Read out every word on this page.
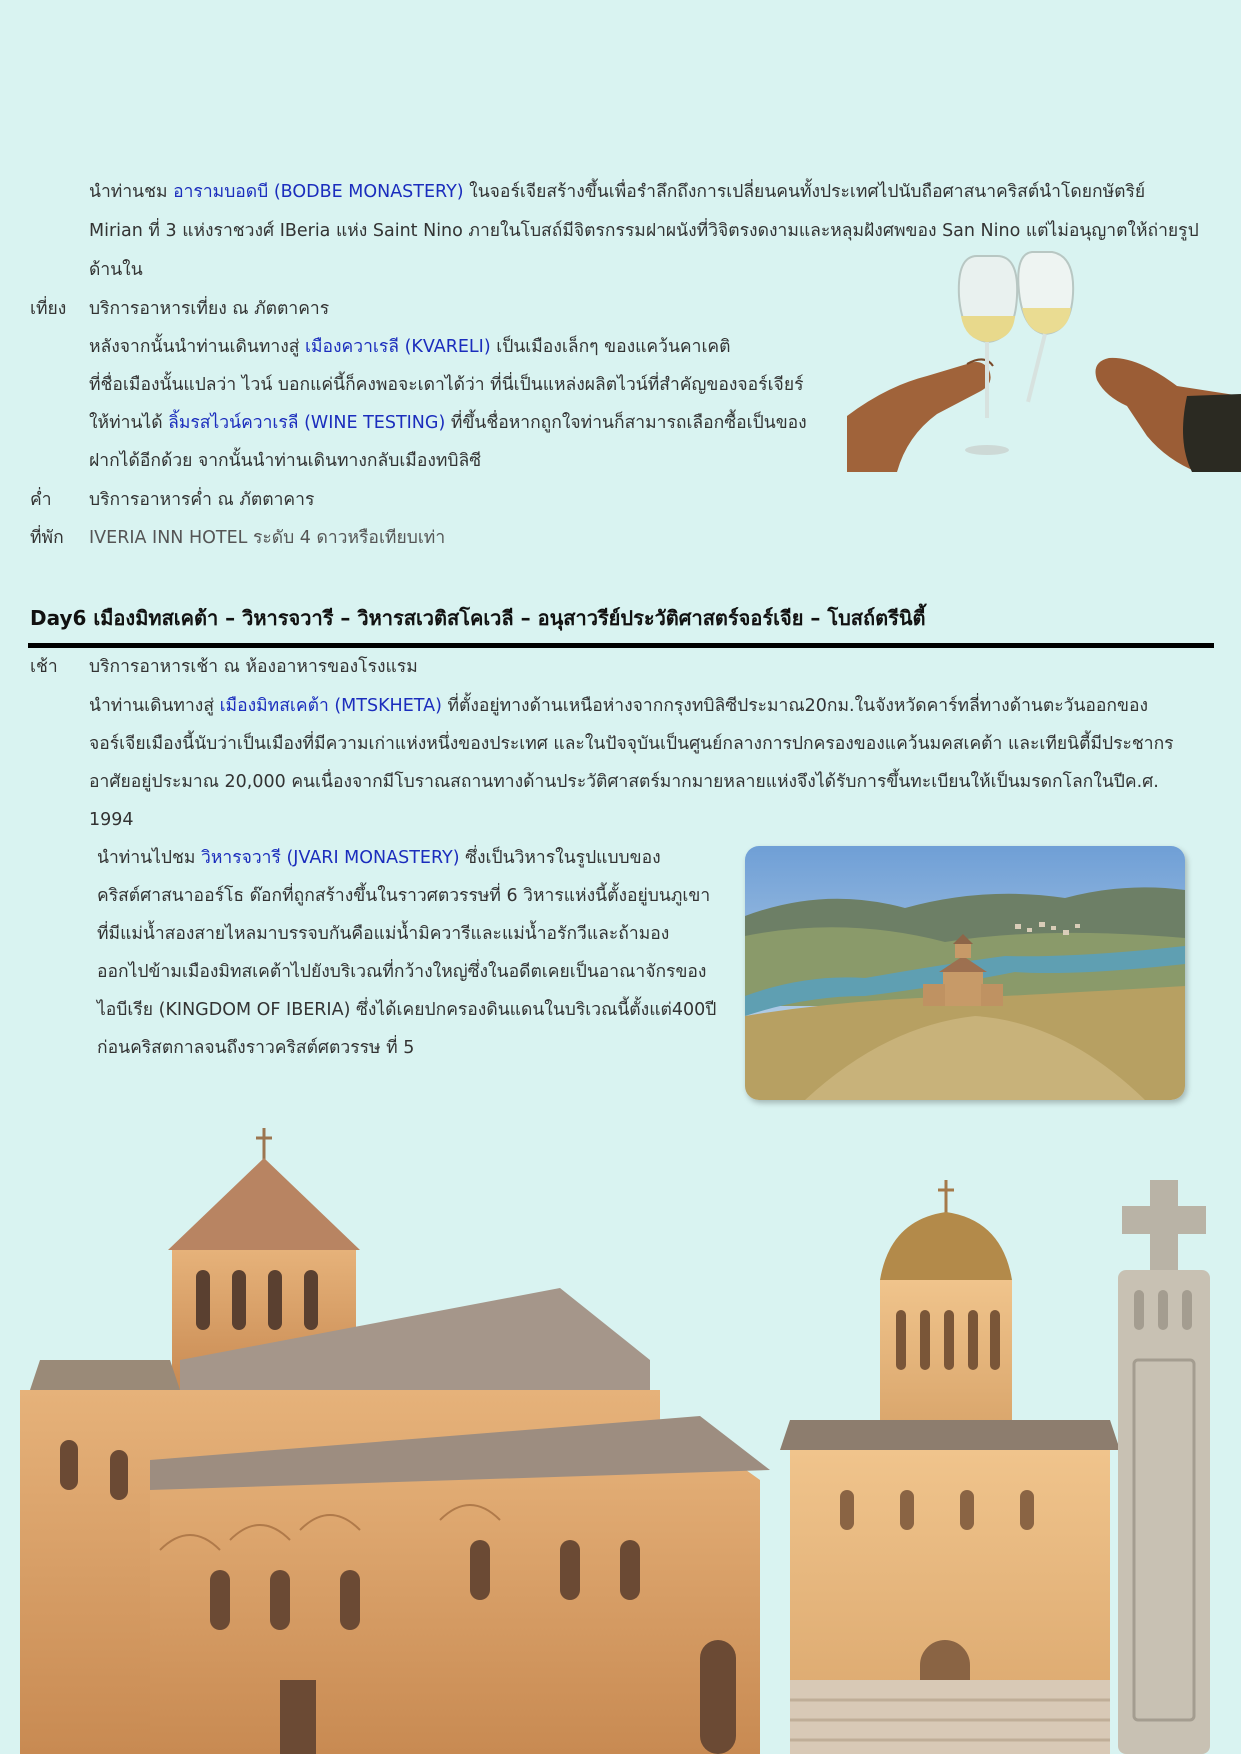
นำท่านชม อารามบอดบี (BODBE MONASTERY) ในจอร์เจียสร้างขึ้นเพื่อรำลึกถึงการเปลี่ยนคนทั้งประเทศไปนับถือศาสนาคริสต์นำโดยกษัตริย์
Mirian ที่ 3 แห่งราชวงศ์ IBeria แห่ง Saint Nino ภายในโบสถ์มีจิตรกรรมฝาผนังที่วิจิตรงดงามและหลุมฝังศพของ San Nino แต่ไม่อนุญาตให้ถ่ายรูป
ด้านใน
เที่ยง บริการอาหารเที่ยง ณ ภัตตาคาร
หลังจากนั้นนำท่านเดินทางสู่ เมืองควาเรลี (KVARELI) เป็นเมืองเล็กๆ ของแคว้นคาเคติ
ที่ชื่อเมืองนั้นแปลว่า ไวน์ บอกแค่นี้ก็คงพอจะเดาได้ว่า ที่นี่เป็นแหล่งผลิตไวน์ที่สำคัญของจอร์เจียร์
ให้ท่านได้ ลิ้มรสไวน์ควาเรลี (WINE TESTING) ที่ขึ้นชื่อหากถูกใจท่านก็สามารถเลือกซื้อเป็นของ
ฝากได้อีกด้วย จากนั้นนำท่านเดินทางกลับเมืองทบิลิซี
ค่ำ บริการอาหารค่ำ ณ ภัตตาคาร
ที่พัก IVERIA INN HOTEL ระดับ 4 ดาวหรือเทียบเท่า
Day6 เมืองมิทสเคต้า – วิหารจวารี – วิหารสเวติสโคเวลี – อนุสาวรีย์ประวัติศาสตร์จอร์เจีย – โบสถ์ตรีนิตี้
เช้า บริการอาหารเช้า ณ ห้องอาหารของโรงแรม
นำท่านเดินทางสู่ เมืองมิทสเคต้า (MTSKHETA) ที่ตั้งอยู่ทางด้านเหนือห่างจากกรุงทบิลิซีประมาณ20กม.ในจังหวัดคาร์ทลี่ทางด้านตะวันออกของ
จอร์เจียเมืองนี้นับว่าเป็นเมืองที่มีความเก่าแห่งหนึ่งของประเทศ และในปัจจุบันเป็นศูนย์กลางการปกครองของแคว้นมคสเคต้า และเทียนิตี้มีประชากร
อาศัยอยู่ประมาณ 20,000 คนเนื่องจากมีโบราณสถานทางด้านประวัติศาสตร์มากมายหลายแห่งจึงได้รับการขึ้นทะเบียนให้เป็นมรดกโลกในปีค.ศ.
1994
นำท่านไปชม วิหารจวารี (JVARI MONASTERY) ซึ่งเป็นวิหารในรูปแบบของ
คริสต์ศาสนาออร์โธ ด๊อกที่ถูกสร้างขึ้นในราวศตวรรษที่ 6 วิหารแห่งนี้ตั้งอยู่บนภูเขา
ที่มีแม่น้ำสองสายไหลมาบรรจบกันคือแม่น้ำมิควารีและแม่น้ำอรักวีและถ้ามอง
ออกไปข้ามเมืองมิทสเคต้าไปยังบริเวณที่กว้างใหญ่ซึ่งในอดีตเคยเป็นอาณาจักรของ
ไอบีเรีย (KINGDOM OF IBERIA) ซึ่งได้เคยปกครองดินแดนในบริเวณนี้ตั้งแต่400ปี
ก่อนคริสตกาลจนถึงราวคริสต์ศตวรรษ ที่ 5
